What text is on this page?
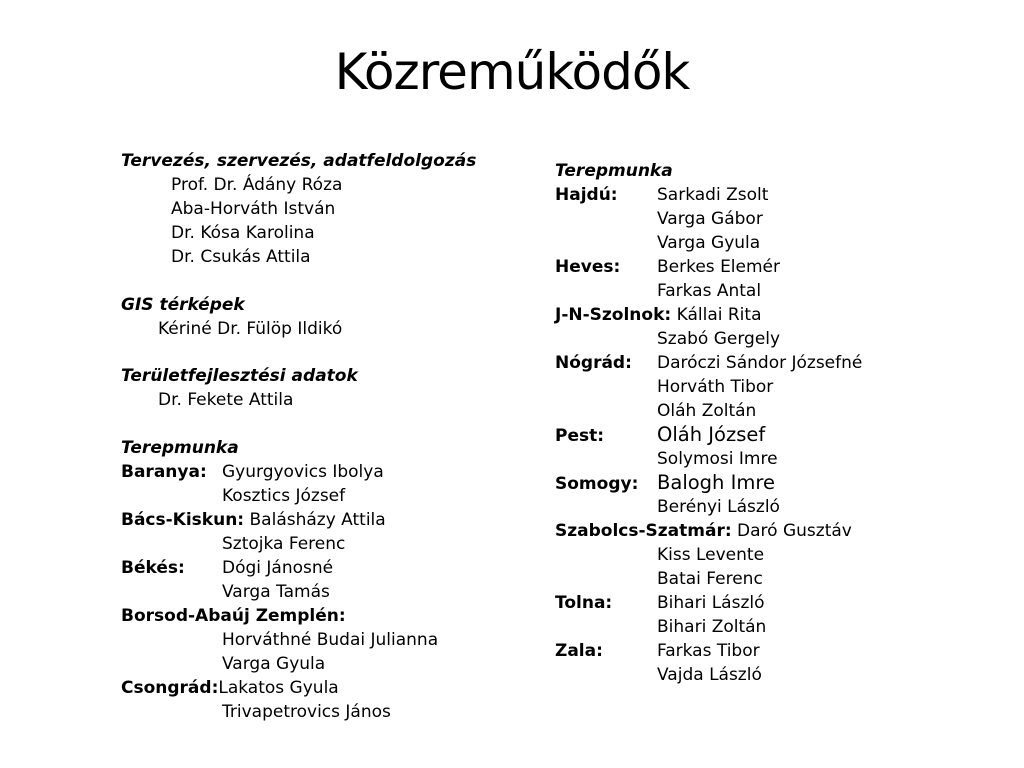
Közreműködők
Tervezés, szervezés, adatfeldolgozás
Prof. Dr. Ádány Róza
Aba-Horváth István
Dr. Kósa Karolina
Dr. Csukás Attila
GIS térképek
Kériné Dr. Fülöp Ildikó
Területfejlesztési adatok
Dr. Fekete Attila
Terepmunka
Baranya: Gyurgyovics Ibolya
Kosztics József
Bács-Kiskun: Balásházy Attila
Sztojka Ferenc
Békés: Dógi Jánosné
Varga Tamás
Borsod-Abaúj Zemplén:
Horváthné Budai Julianna
Varga Gyula
Csongrád:Lakatos Gyula
Trivapetrovics János
Terepmunka
Hajdú: Sarkadi Zsolt
Varga Gábor
Varga Gyula
Heves: Berkes Elemér
Farkas Antal
J-N-Szolnok: Kállai Rita
Szabó Gergely
Nógrád: Daróczi Sándor Józsefné
Horváth Tibor
Oláh Zoltán
Pest:	Oláh József
Solymosi Imre
Somogy: Balogh Imre
Berényi László
Szabolcs-Szatmár: Daró Gusztáv
Kiss Levente
Batai Ferenc
Tolna:	Bihari László
Bihari Zoltán
Zala:	Farkas Tibor
Vajda László
